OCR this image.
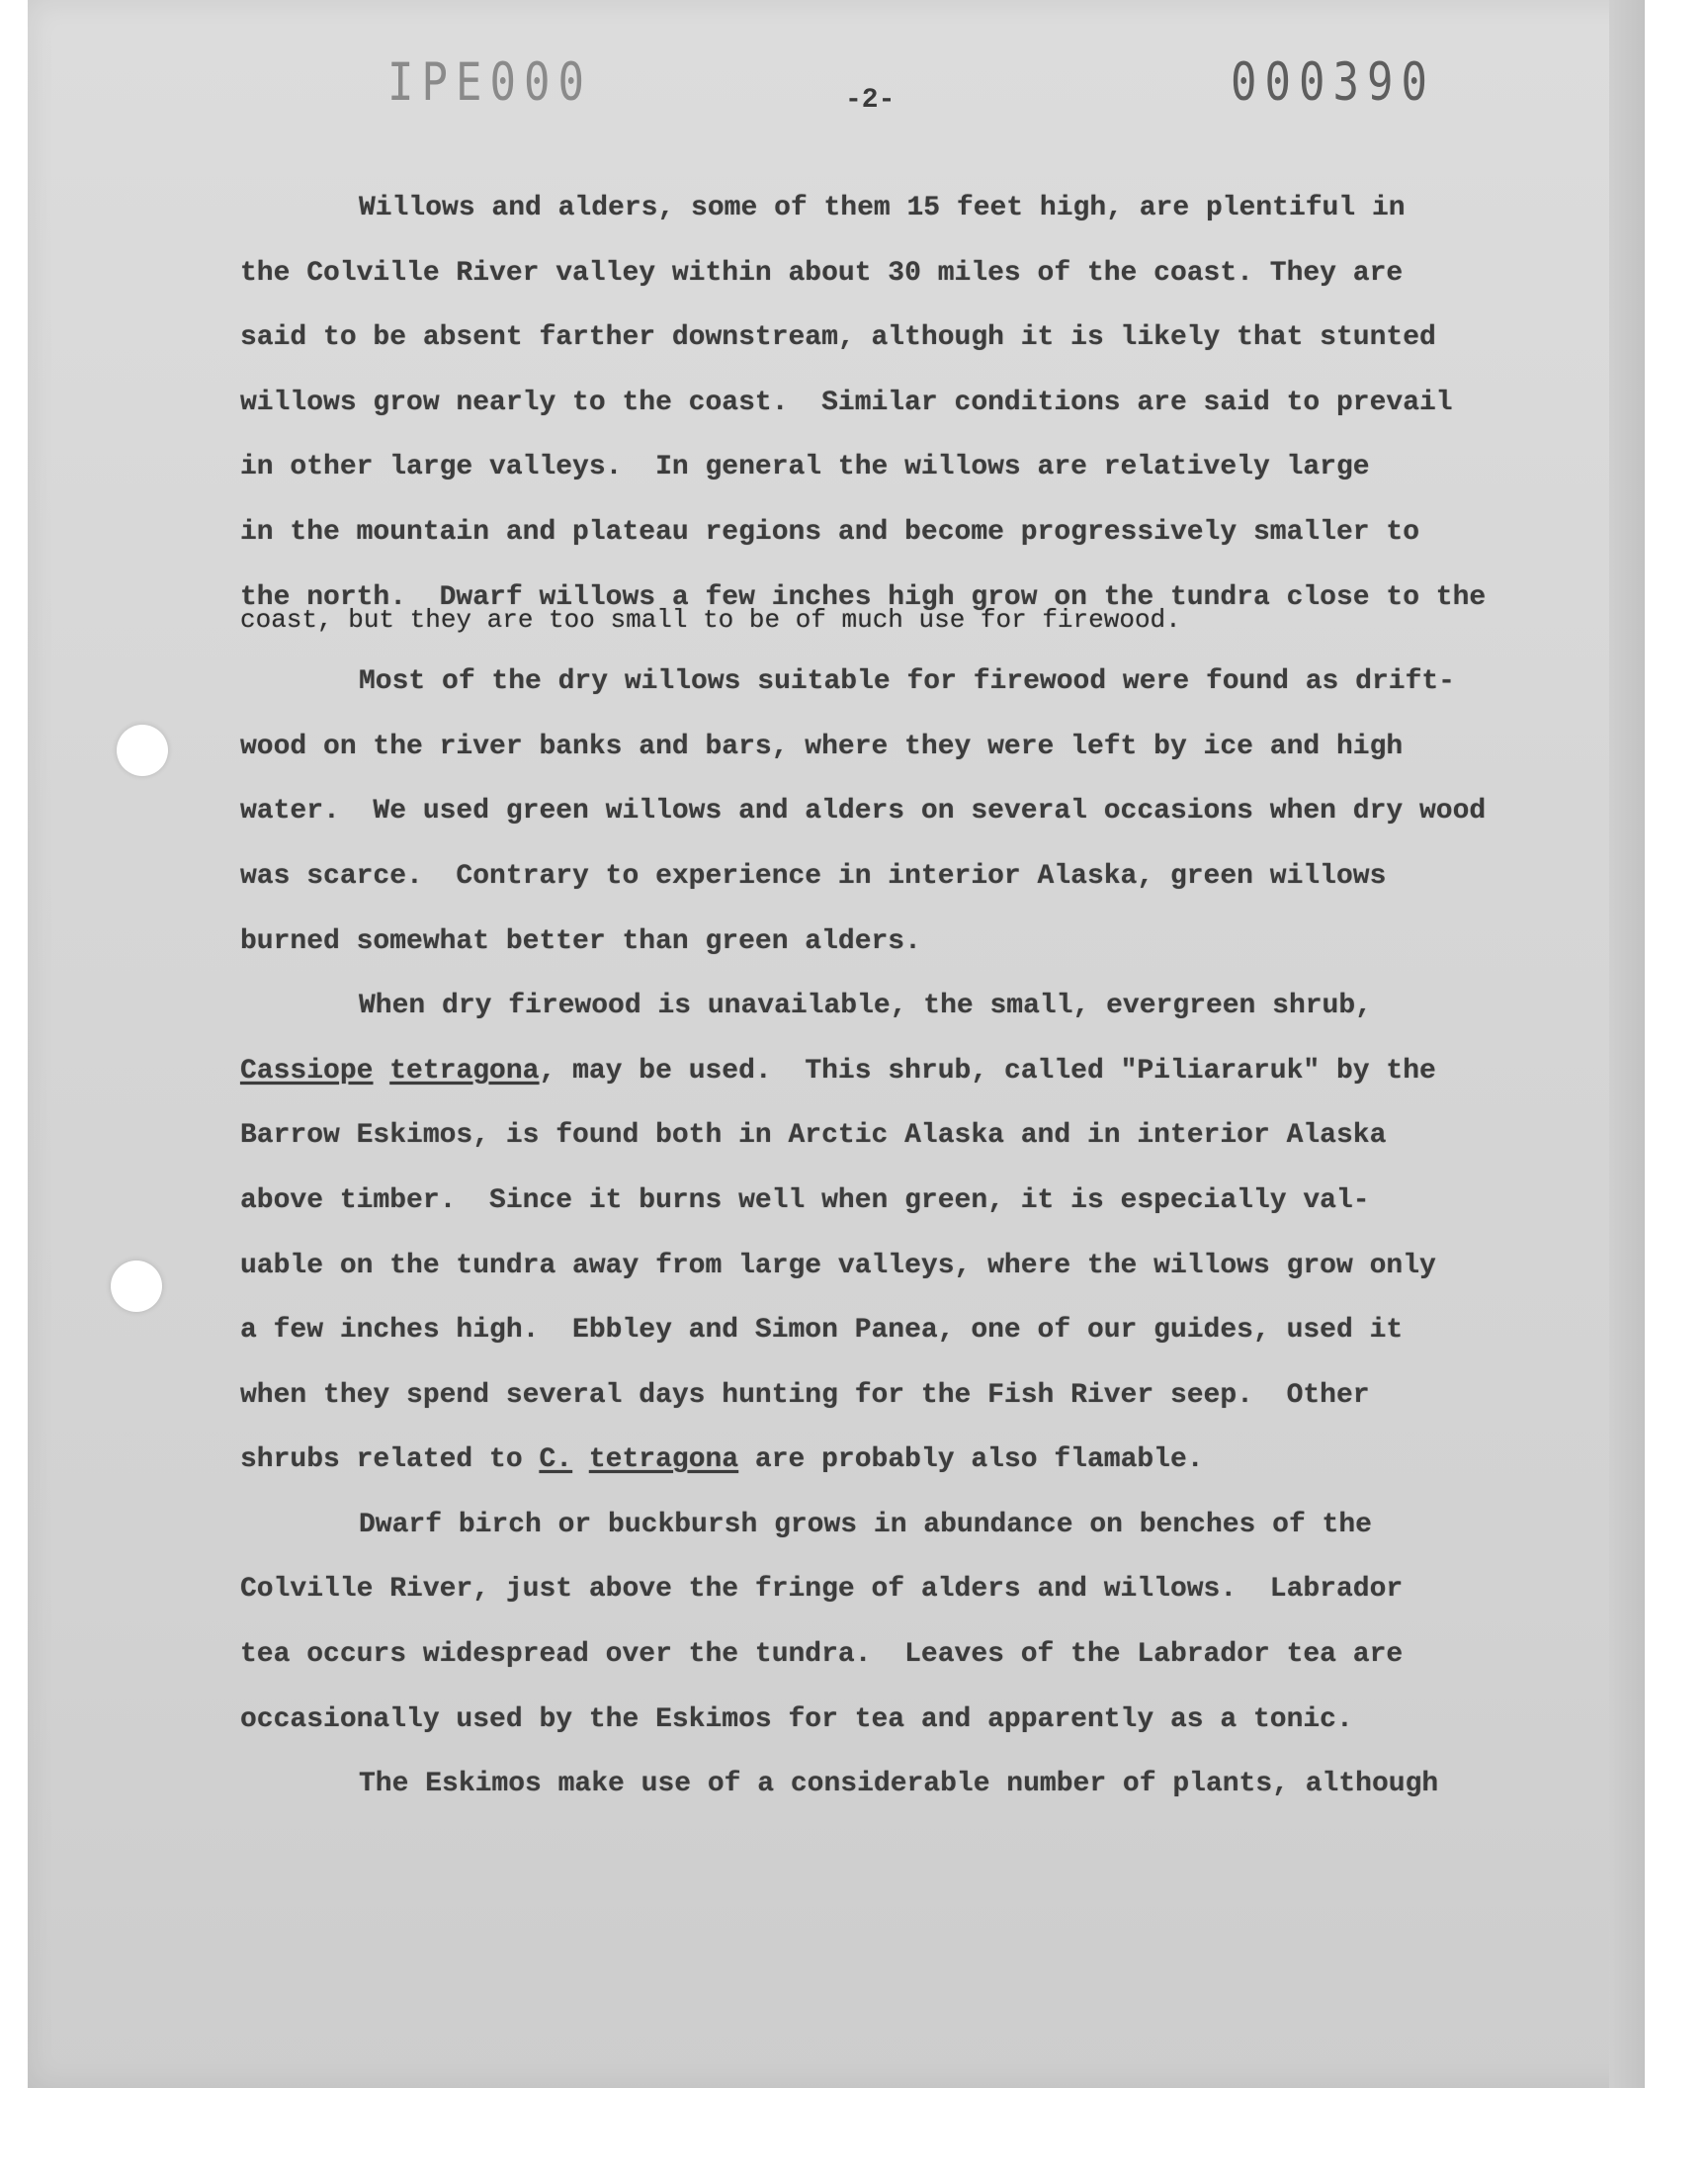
IPE000	000390
-2-
Willows and alders, some of them 15 feet high, are plentiful in
the Colville River valley within about 30 miles of the coast. They are
said to be absent farther downstream, although it is likely that stunted
willows grow nearly to the coast.  Similar conditions are said to prevail
in other large valleys.  In general the willows are relatively large
in the mountain and plateau regions and become progressively smaller to
the north.  Dwarf willows a few inches high grow on the tundra close to the
coast, but they are too small to be of much use for firewood.
Most of the dry willows suitable for firewood were found as drift-
wood on the river banks and bars, where they were left by ice and high
water.  We used green willows and alders on several occasions when dry wood
was scarce.  Contrary to experience in interior Alaska, green willows
burned somewhat better than green alders.
When dry firewood is unavailable, the small, evergreen shrub,
Cassiope tetragona, may be used.  This shrub, called "Piliararuk" by the
Barrow Eskimos, is found both in Arctic Alaska and in interior Alaska
above timber.  Since it burns well when green, it is especially val-
uable on the tundra away from large valleys, where the willows grow only
a few inches high.  Ebbley and Simon Panea, one of our guides, used it
when they spend several days hunting for the Fish River seep.  Other
shrubs related to C. tetragona are probably also flamable.
Dwarf birch or buckbursh grows in abundance on benches of the
Colville River, just above the fringe of alders and willows.  Labrador
tea occurs widespread over the tundra.  Leaves of the Labrador tea are
occasionally used by the Eskimos for tea and apparently as a tonic.
The Eskimos make use of a considerable number of plants, although
